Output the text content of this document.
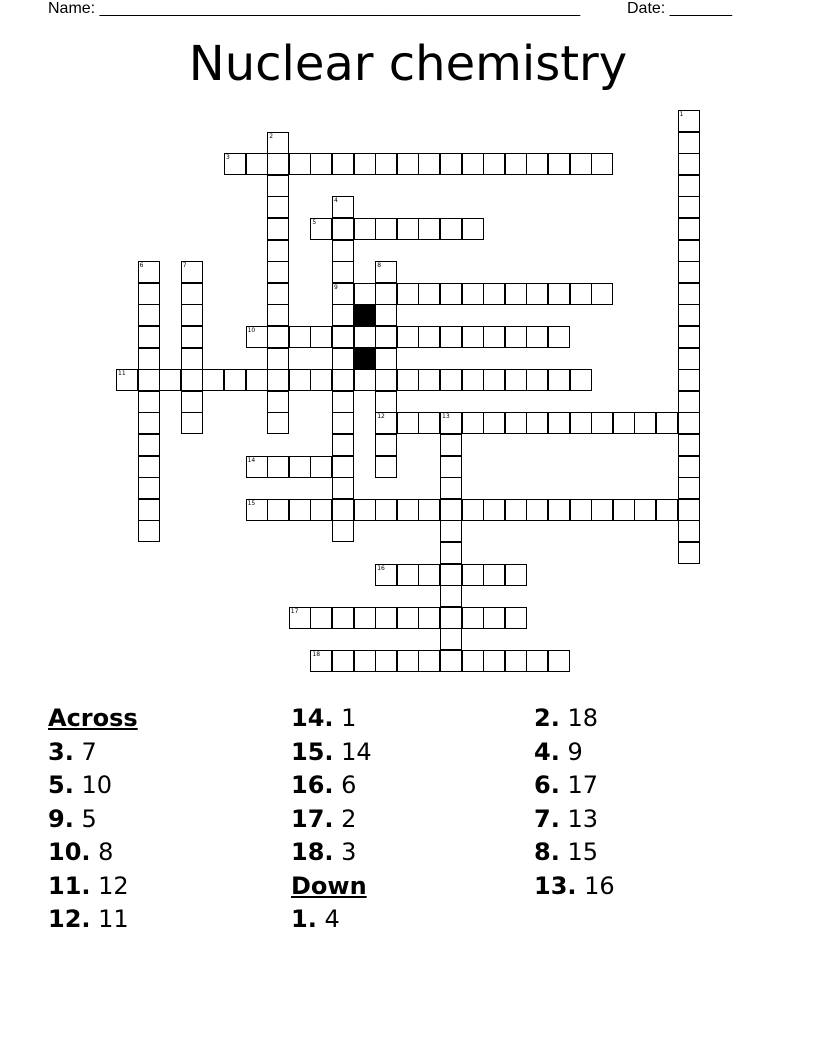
Name: ______________________________________________________	Date: _______
Nuclear chemistry
1
2
3
4
9
5
6	7	8
12
10
11
13
14
15
16
17
18
Across
3. 7
5. 10
9. 5
10. 8
11. 12
12. 11
14. 1
15. 14
16. 6
17. 2
18. 3
Down
1. 4
2. 18
4. 9
6. 17
7. 13
8. 15
13. 16
